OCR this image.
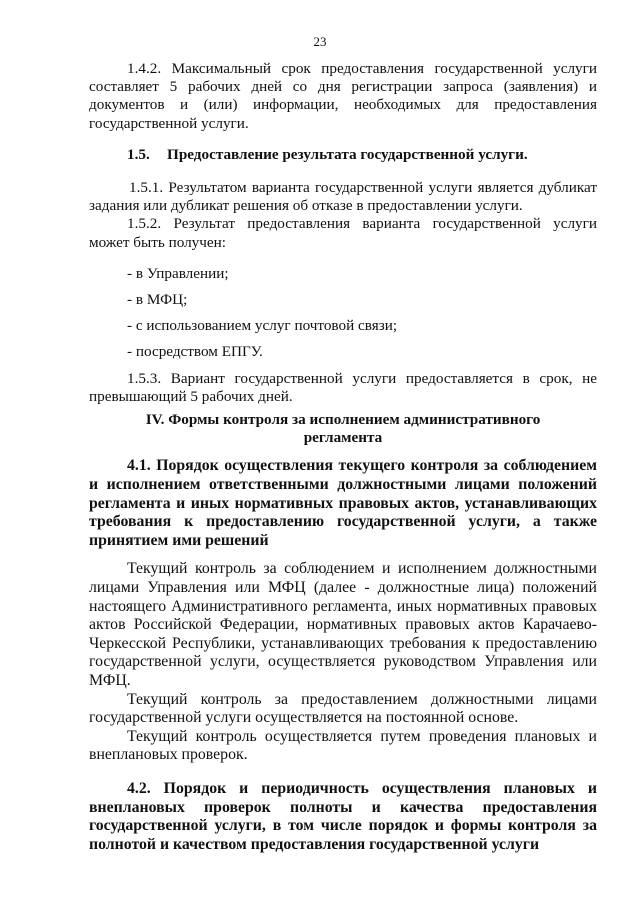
23

1.4.2. Максимальный срок предоставления государственной услуги составляет 5 рабочих дней со дня регистрации запроса (заявления) и документов и (или) информации, необходимых для предоставления государственной услуги.

1.5. Предоставление результата государственной услуги.

1.5.1. Результатом варианта государственной услуги является дубликат задания или дубликат решения об отказе в предоставлении услуги.

1.5.2. Результат предоставления варианта государственной услуги может быть получен:

- в Управлении;

- в МФЦ;

- с использованием услуг почтовой связи;

- посредством ЕПГУ.

1.5.3. Вариант государственной услуги предоставляется в срок, не превышающий 5 рабочих дней.

IV. Формы контроля за исполнением административного регламента

4.1. Порядок осуществления текущего контроля за соблюдением и исполнением ответственными должностными лицами положений регламента и иных нормативных правовых актов, устанавливающих требования к предоставлению государственной услуги, а также принятием ими решений

Текущий контроль за соблюдением и исполнением должностными лицами Управления или МФЦ (далее - должностные лица) положений настоящего Административного регламента, иных нормативных правовых актов Российской Федерации, нормативных правовых актов Карачаево-Черкесской Республики, устанавливающих требования к предоставлению государственной услуги, осуществляется руководством Управления или МФЦ.

Текущий контроль за предоставлением должностными лицами государственной услуги осуществляется на постоянной основе.

Текущий контроль осуществляется путем проведения плановых и внеплановых проверок.

4.2. Порядок и периодичность осуществления плановых и внеплановых проверок полноты и качества предоставления государственной услуги, в том числе порядок и формы контроля за полнотой и качеством предоставления государственной услуги
